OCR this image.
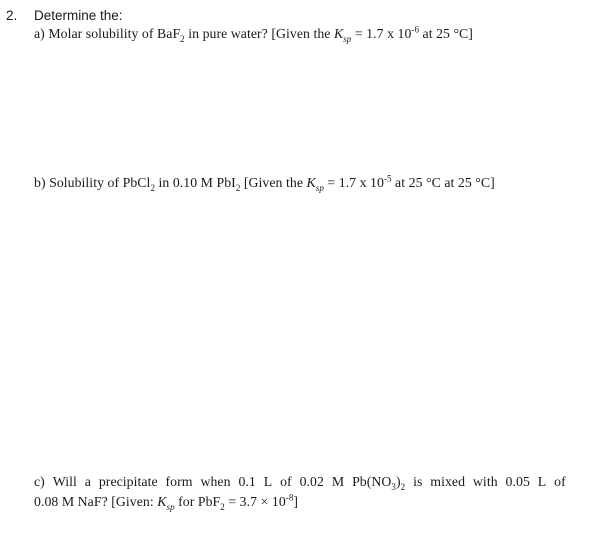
2. Determine the:
a) Molar solubility of BaF$_2$ in pure water? [Given the $K_{sp} = 1.7$ x $10^{-6}$ at 25 °C]
b) Solubility of PbCl$_2$ in 0.10 M PbI$_2$ [Given the $K_{sp} = 1.7$ x $10^{-5}$ at 25 °C at 25 °C]
c) Will a precipitate form when 0.1 L of 0.02 M $Pb(NO_3)_2$ is mixed with 0.05 L of
0.08 M NaF? [Given: $K_{sp}$ for $PbF_2 = 3.7 \times 10^{-8}$]
